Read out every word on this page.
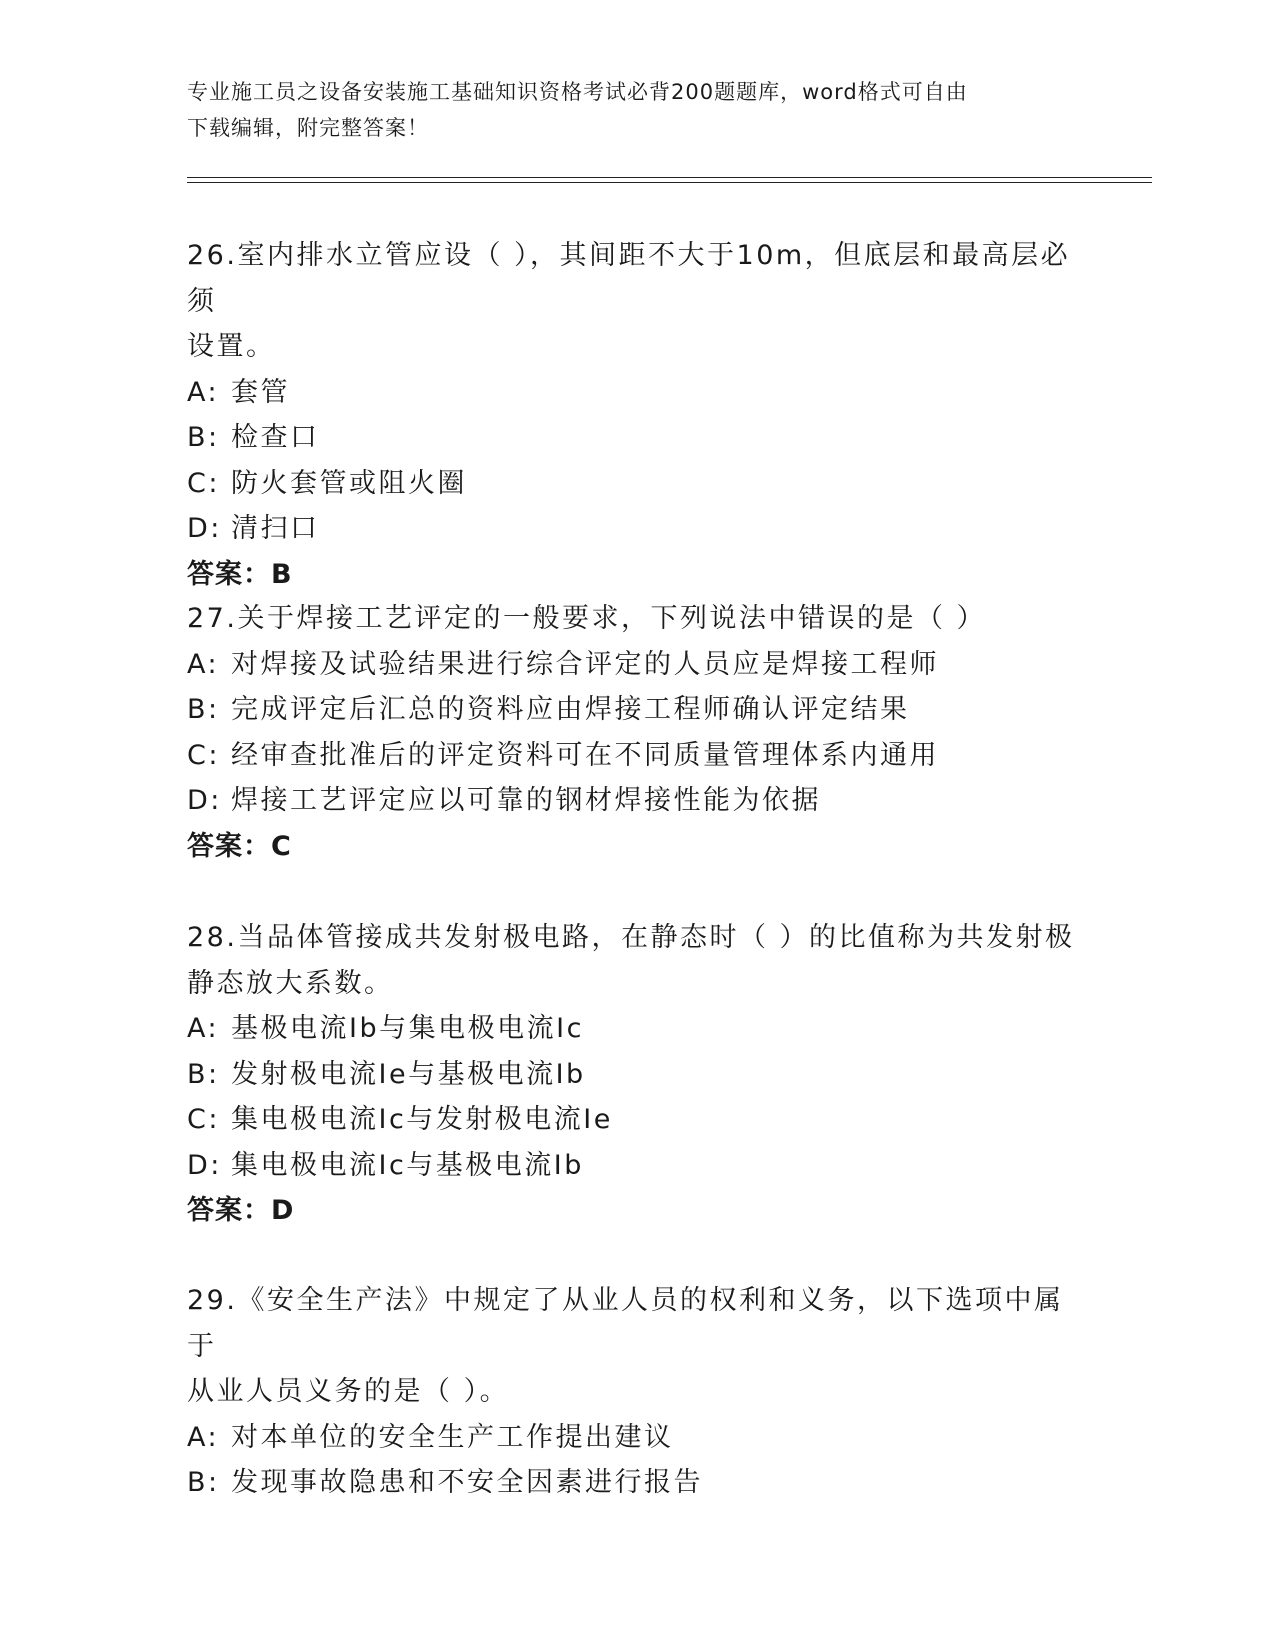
专业施工员之设备安装施工基础知识资格考试必背200题题库，word格式可自由
下载编辑，附完整答案！
26.室内排水立管应设（ ），其间距不大于10m，但底层和最高层必须
设置。
A: 套管
B: 检查口
C: 防火套管或阻火圈
D: 清扫口
答案：B
27.关于焊接工艺评定的一般要求，下列说法中错误的是（ ）
A: 对焊接及试验结果进行综合评定的人员应是焊接工程师
B: 完成评定后汇总的资料应由焊接工程师确认评定结果
C: 经审查批准后的评定资料可在不同质量管理体系内通用
D: 焊接工艺评定应以可靠的钢材焊接性能为依据
答案：C
28.当品体管接成共发射极电路，在静态时（ ）的比值称为共发射极
静态放大系数。
A: 基极电流Ib与集电极电流Ic
B: 发射极电流Ie与基极电流Ib
C: 集电极电流Ic与发射极电流Ie
D: 集电极电流Ic与基极电流Ib
答案：D
29.《安全生产法》中规定了从业人员的权利和义务，以下选项中属于
从业人员义务的是（ ）。
A: 对本单位的安全生产工作提出建议
B: 发现事故隐患和不安全因素进行报告
